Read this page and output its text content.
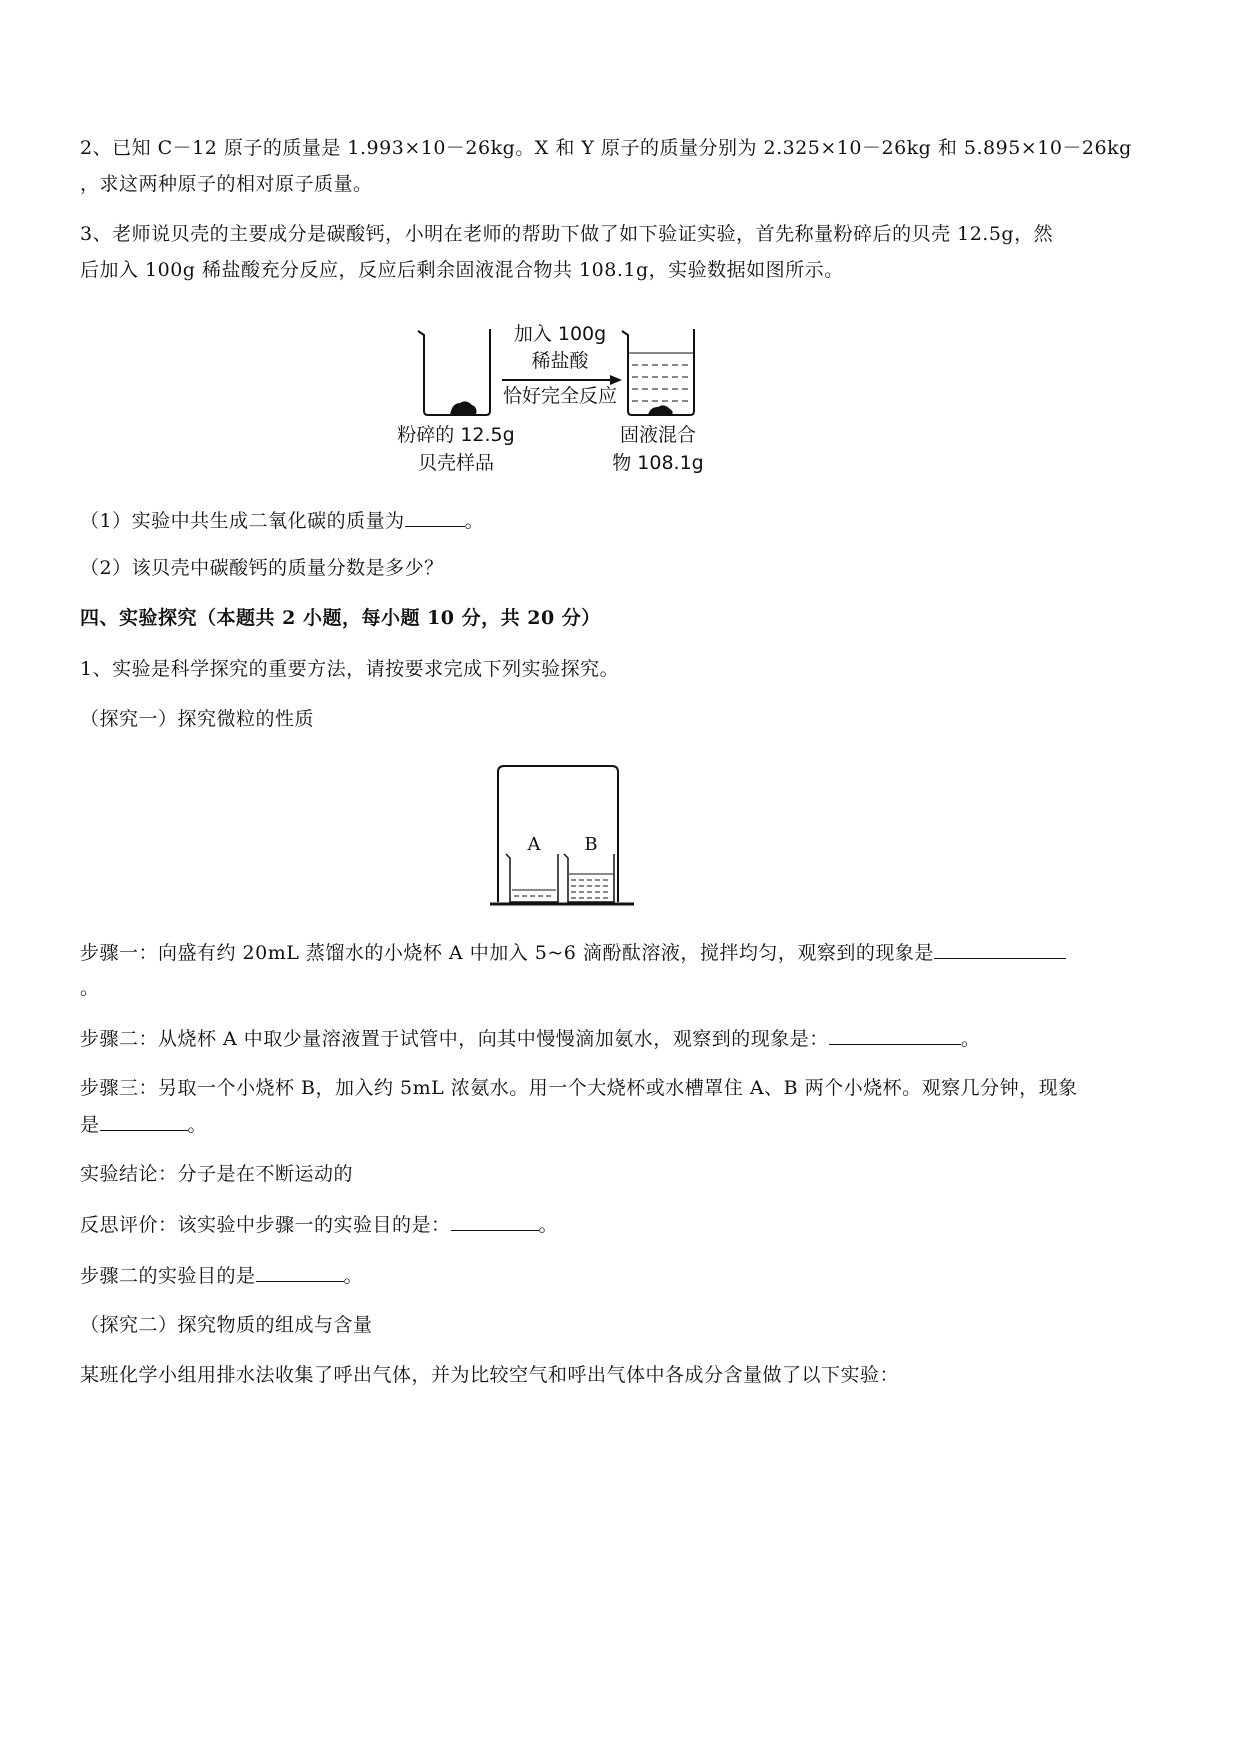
2、已知 C－12 原子的质量是 1.993×10－26kg。X 和 Y 原子的质量分别为 2.325×10－26kg 和 5.895×10－26kg
，求这两种原子的相对原子质量。
3、老师说贝壳的主要成分是碳酸钙，小明在老师的帮助下做了如下验证实验，首先称量粉碎后的贝壳 12.5g，然
后加入 100g 稀盐酸充分反应，反应后剩余固液混合物共 108.1g，实验数据如图所示。
加入 100g
稀盐酸
恰好完全反应
粉碎的 12.5g
贝壳样品
固液混合
物 108.1g
（1）实验中共生成二氧化碳的质量为	。
（2）该贝壳中碳酸钙的质量分数是多少？
四、实验探究（本题共 2 小题，每小题 10 分，共 20 分）
1、实验是科学探究的重要方法，请按要求完成下列实验探究。
（探究一）探究微粒的性质
A B
步骤一：向盛有约 20mL 蒸馏水的小烧杯 A 中加入 5~6 滴酚酞溶液，搅拌均匀，观察到的现象是
。
步骤二：从烧杯 A 中取少量溶液置于试管中，向其中慢慢滴加氨水，观察到的现象是：	。
步骤三：另取一个小烧杯 B，加入约 5mL 浓氨水。用一个大烧杯或水槽罩住 A、B 两个小烧杯。观察几分钟，现象
是	。
实验结论：分子是在不断运动的
反思评价：该实验中步骤一的实验目的是：	。
步骤二的实验目的是	。
（探究二）探究物质的组成与含量
某班化学小组用排水法收集了呼出气体，并为比较空气和呼出气体中各成分含量做了以下实验：
